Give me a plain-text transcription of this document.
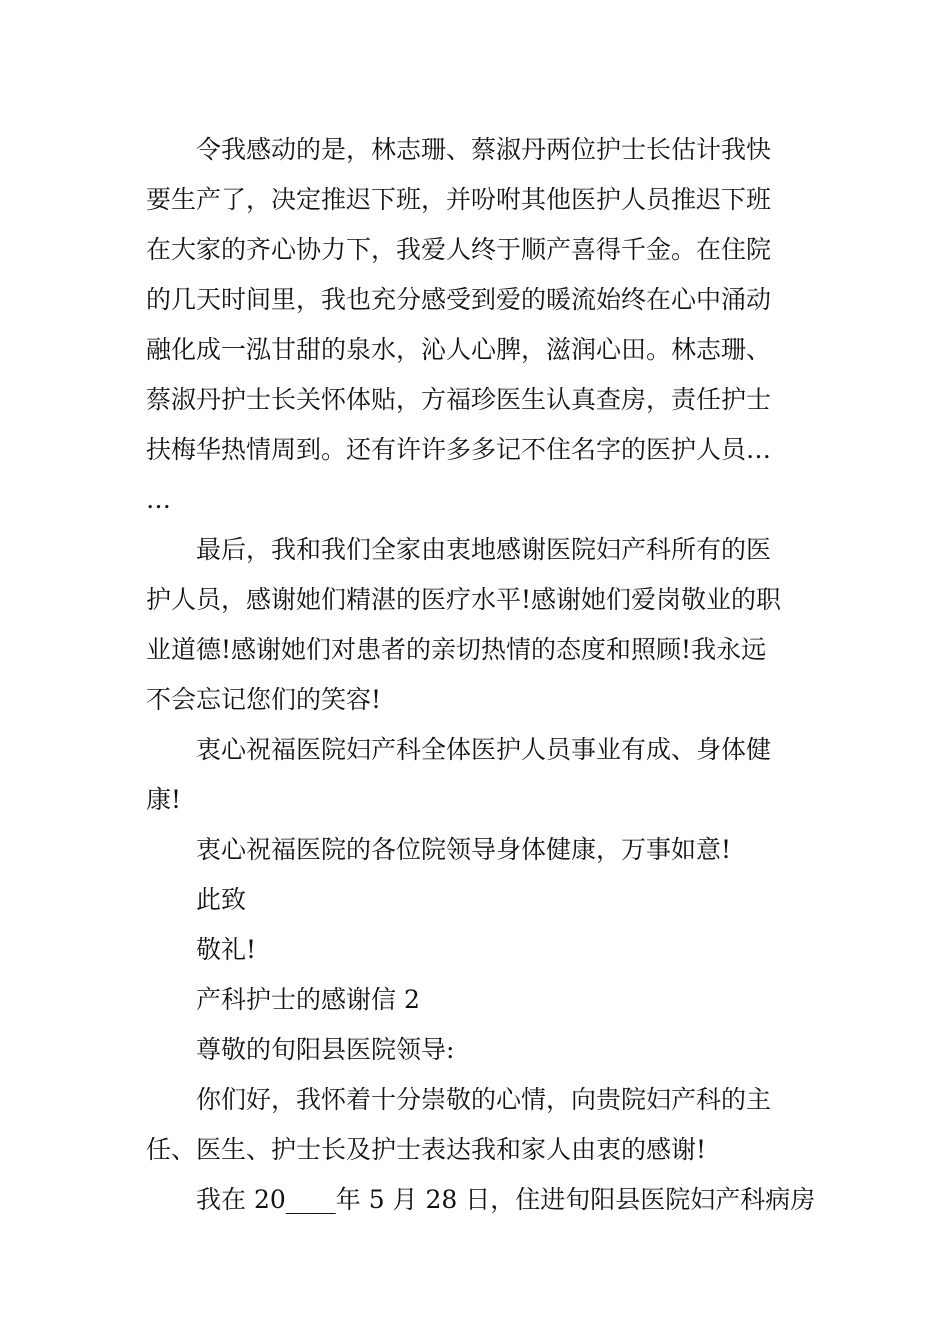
令我感动的是，林志珊、蔡淑丹两位护士长估计我快
要生产了，决定推迟下班，并吩咐其他医护人员推迟下班
在大家的齐心协力下，我爱人终于顺产喜得千金。在住院
的几天时间里，我也充分感受到爱的暖流始终在心中涌动
融化成一泓甘甜的泉水，沁人心脾，滋润心田。林志珊、
蔡淑丹护士长关怀体贴，方福珍医生认真查房，责任护士
扶梅华热情周到。还有许许多多记不住名字的医护人员…
…
最后，我和我们全家由衷地感谢医院妇产科所有的医
护人员，感谢她们精湛的医疗水平!感谢她们爱岗敬业的职
业道德!感谢她们对患者的亲切热情的态度和照顾!我永远
不会忘记您们的笑容!
衷心祝福医院妇产科全体医护人员事业有成、身体健
康!
衷心祝福医院的各位院领导身体健康，万事如意!
此致
敬礼!
产科护士的感谢信 2
尊敬的旬阳县医院领导:
你们好，我怀着十分崇敬的心情，向贵院妇产科的主
任、医生、护士长及护士表达我和家人由衷的感谢!
我在 20____年 5 月 28 日，住进旬阳县医院妇产科病房
